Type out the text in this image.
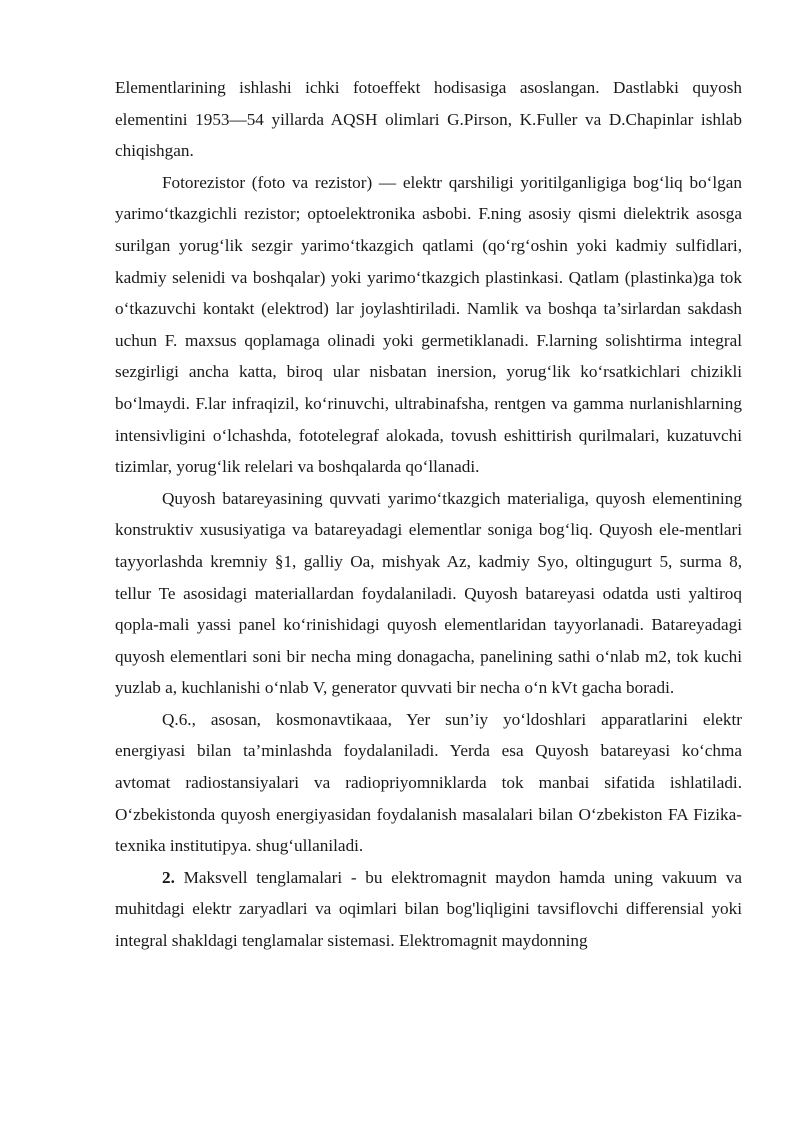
Elementlarining ishlashi ichki fotoeffekt hodisasiga asoslangan. Dastlabki quyosh elementini 1953—54 yillarda AQSH olimlari G.Pirson, K.Fuller va D.Chapinlar ishlab chiqishgan.

Fotorezistor (foto va rezistor) — elektr qarshiligi yoritilganligiga bog‘liq bo‘lgan yarimo‘tkazgichli rezistor; optoelektronika asbobi. F.ning asosiy qismi dielektrik asosga surilgan yorug‘lik sezgir yarimo‘tkazgich qatlami (qo‘rg‘oshin yoki kadmiy sulfidlari, kadmiy selenidi va boshqalar) yoki yarimo‘tkazgich plastinkasi. Qatlam (plastinka)ga tok o‘tkazuvchi kontakt (elektrod) lar joylashtiriladi. Namlik va boshqa ta’sirlardan sakdash uchun F. maxsus qoplamaga olinadi yoki germetiklanadi. F.larning solishtirma integral sezgirligi ancha katta, biroq ular nisbatan inersion, yorug‘lik ko‘rsatkichlari chizikli bo‘lmaydi. F.lar infraqizil, ko‘rinuvchi, ultrabinafsha, rentgen va gamma nurlanishlarning intensivligini o‘lchashda, fototelegraf alokada, tovush eshittirish qurilmalari, kuzatuvchi tizimlar, yorug‘lik relelari va boshqalarda qo‘llanadi.

Quyosh batareyasining quvvati yarimo‘tkazgich materialiga, quyosh elementining konstruktiv xususiyatiga va batareyadagi elementlar soniga bog‘liq. Quyosh ele-mentlari tayyorlashda kremniy §1, galliy Oa, mishyak Az, kadmiy Syo, oltingugurt 5, surma 8, tellur Te asosidagi materiallardan foydalaniladi. Quyosh batareyasi odatda usti yaltiroq qopla-mali yassi panel ko‘rinishidagi quyosh elementlaridan tayyorlanadi. Batareyadagi quyosh elementlari soni bir necha ming donagacha, panelining sathi o‘nlab m2, tok kuchi yuzlab a, kuchlanishi o‘nlab V, generator quvvati bir necha o‘n kVt gacha boradi.

Q.6., asosan, kosmonavtikaaa, Yer sun’iy yo‘ldoshlari apparatlarini elektr energiyasi bilan ta’minlashda foydalaniladi. Yerda esa Quyosh batareyasi ko‘chma avtomat radiostansiyalari va radiopriyomniklarda tok manbai sifatida ishlatiladi. O‘zbekistonda quyosh energiyasidan foydalanish masalalari bilan O‘zbekiston FA Fizika-texnika institutipya. shug‘ullaniladi.

2. Maksvell tenglamalari - bu elektromagnit maydon hamda uning vakuum va muhitdagi elektr zaryadlari va oqimlari bilan bog'liqligini tavsiflovchi differensial yoki integral shakldagi tenglamalar sistemasi. Elektromagnit maydonning
